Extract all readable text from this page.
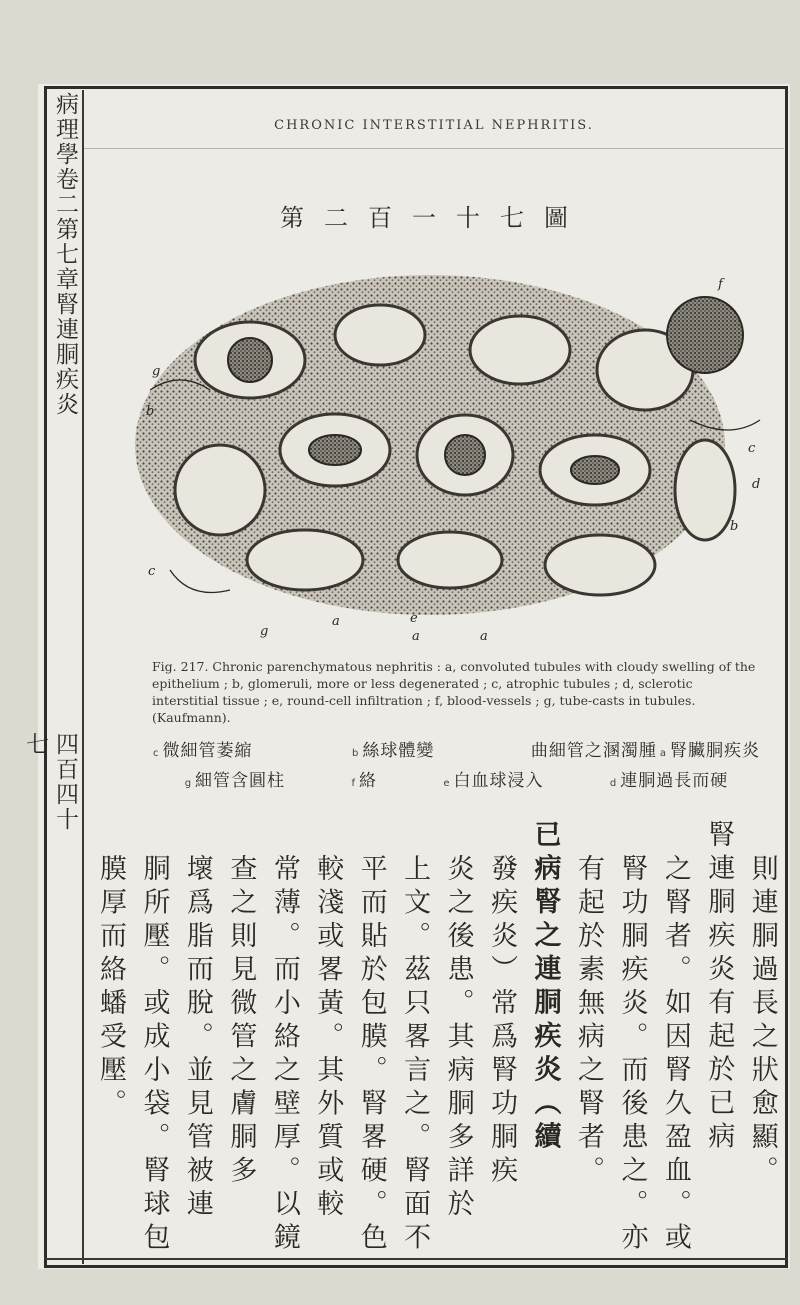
病理學卷二第七章腎連胴疾炎
四百四十七
CHRONIC INTERSTITIAL NEPHRITIS.
第二百一十七圖
f
g
b
c
d
b
c
g
a	e
a	a
Fig. 217. Chronic parenchymatous nephritis : a, convoluted tubules with cloudy swelling of the epithelium ; b, glomeruli, more or less degenerated ; c, atrophic tubules ; d, sclerotic interstitial tissue ; e, round-cell infiltration ; f, blood-vessels ; g, tube-casts in tubules. (Kaufmann).
腎臟胴疾炎
a
曲細管之溷濁腫
絲球體變
b
微細管萎縮
c
連胴過長而硬
d
白血球浸入
e
絡
f
細管含圓柱
g
則連胴過長之狀愈顯。
腎連胴疾炎有起於已病
之腎者。如因腎久盈血。或
腎功胴疾炎。而後患之。亦
有起於素無病之腎者。
已病腎之連胴疾炎（續
發疾炎）常爲腎功胴疾
炎之後患。其病胴多詳於
上文。茲只畧言之。腎面不
平而貼於包膜。腎畧硬。色
較淺或畧黃。其外質或較
常薄。而小絡之壁厚。以鏡
查之則見微管之膚胴多
壞爲脂而脫。並見管被連
胴所壓。或成小袋。腎球包
膜厚而絡蟠受壓。
